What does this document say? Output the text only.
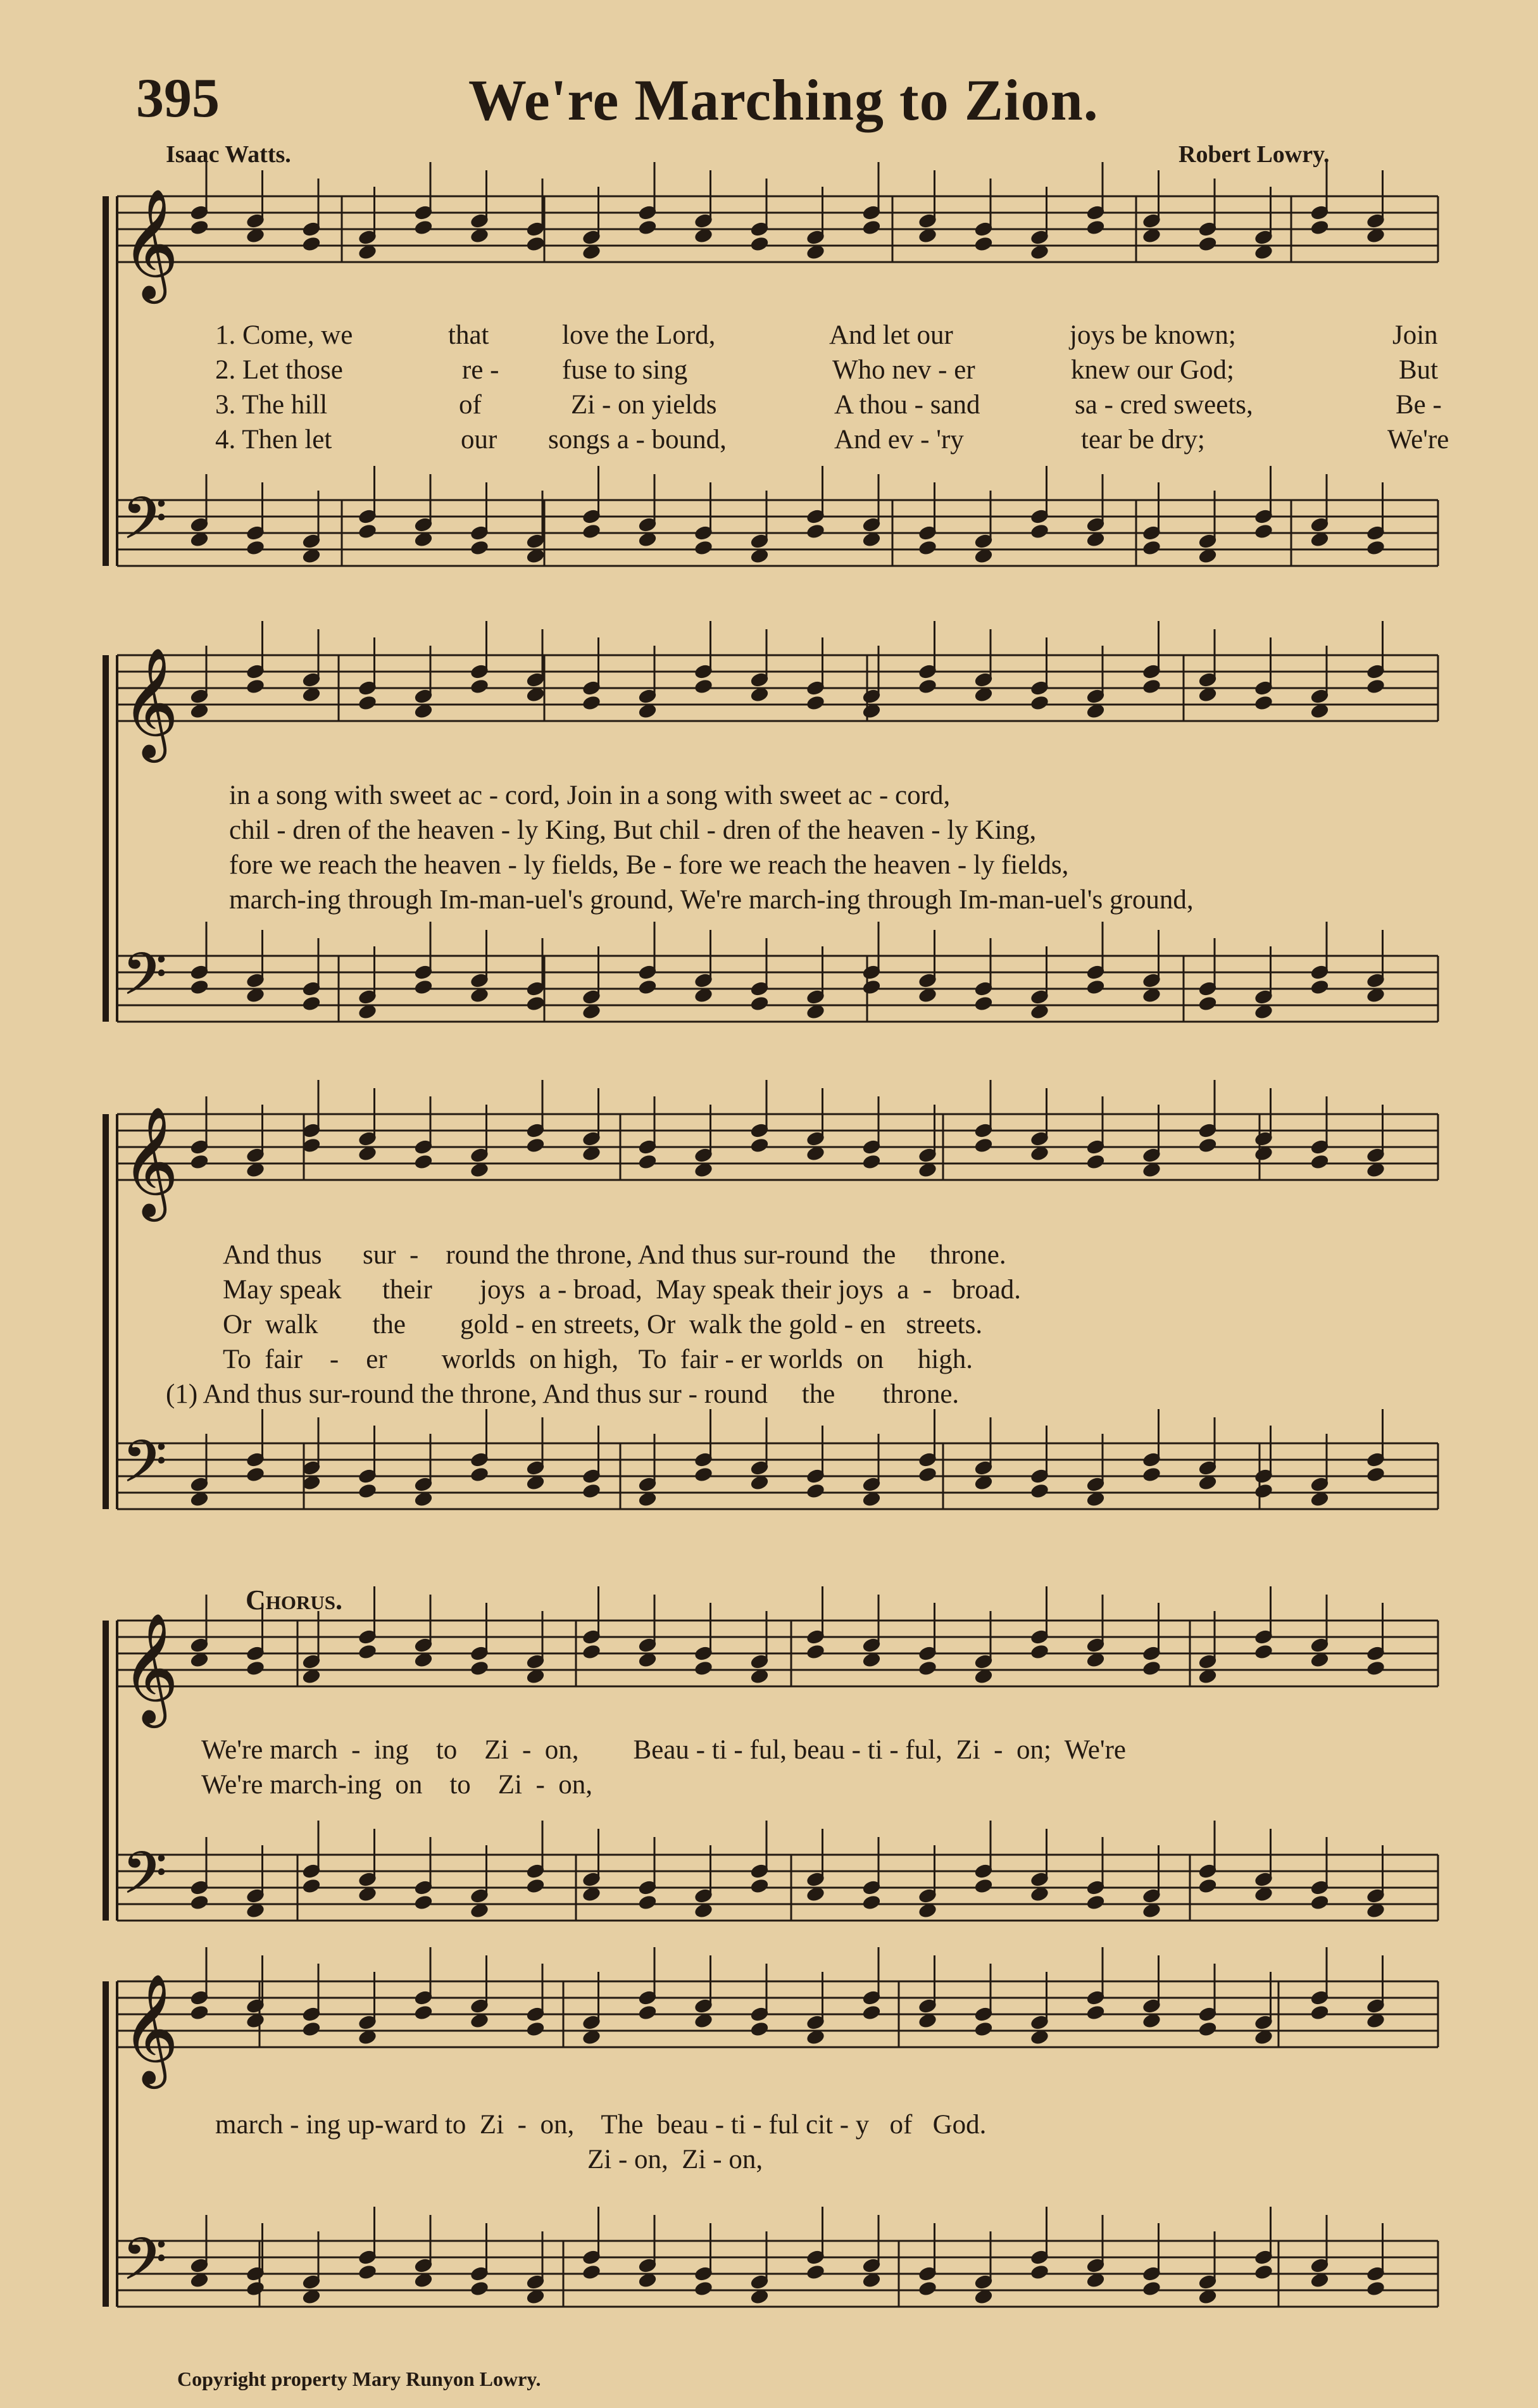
395	We're Marching to Zion.
Isaac Watts.	Robert Lowry.
𝄞
𝄢
𝄞
𝄢
𝄞
𝄢
𝄞
𝄢
𝄞
𝄢
1. Come, we	that	love the Lord,	And let our	joys be known;	Join
2. Let those	re - fuse to sing	Who nev - er	knew our God;	But
3. The hill	of	Zi - on yields	A thou - sand	sa - cred sweets,	Be -
4. Then let	our songs a - bound,	And ev - 'ry	tear be dry;	We're
in a song with sweet ac - cord, Join in a song with sweet ac - cord,
chil - dren of the heaven - ly King, But chil - dren of the heaven - ly King,
fore we reach the heaven - ly fields, Be - fore we reach the heaven - ly fields,
march-ing through Im-man-uel's ground, We're march-ing through Im-man-uel's ground,
And thus      sur  -    round the throne, And thus sur-round  the     throne.
May speak      their       joys  a - broad,  May speak their joys  a  -   broad.
Or  walk        the        gold - en streets, Or  walk the gold - en   streets.
To  fair    -    er        worlds  on high,   To  fair - er worlds  on     high.
(1) And thus sur-round the throne, And thus sur - round     the       throne.
Chorus.
We're march  -  ing    to    Zi  -  on,        Beau - ti - ful, beau - ti - ful,  Zi  -  on;  We're
We're march-ing  on    to    Zi  -  on,
march - ing up-ward to  Zi  -  on,    The  beau - ti - ful cit - y   of   God.
Zi - on,  Zi - on,
Copyright property Mary Runyon Lowry.
